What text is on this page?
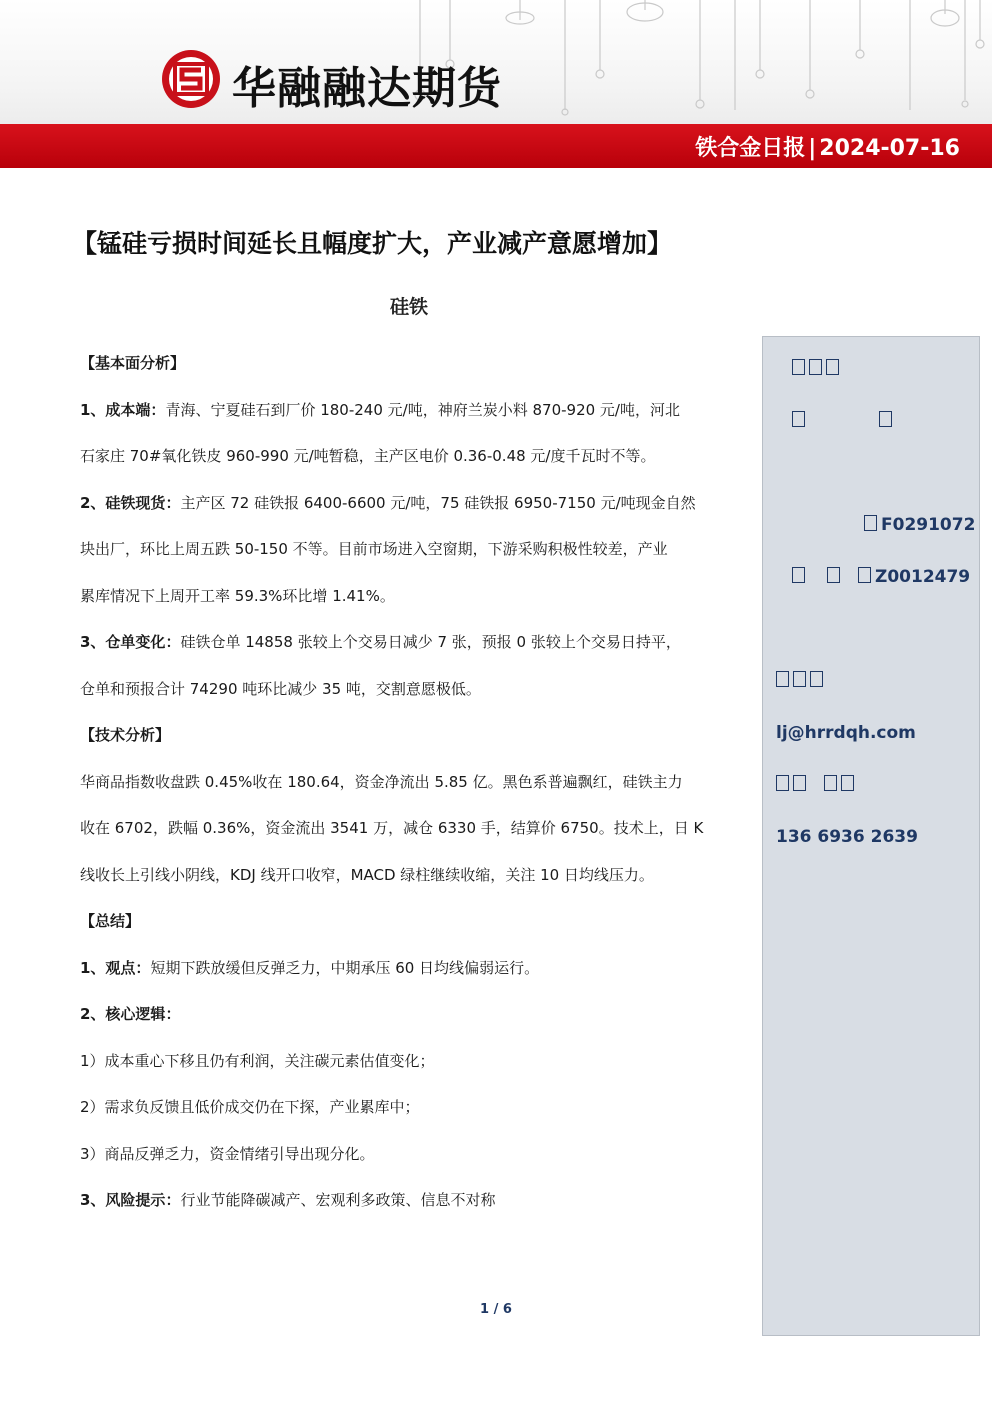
华融融达期货
铁合金日报 | 2024-07-16
【锰硅亏损时间延长且幅度扩大，产业减产意愿增加】
硅铁

【基本面分析】

1、成本端：青海、宁夏硅石到厂价 180-240 元/吨，神府兰炭小料 870-920 元/吨，河北

石家庄 70#氧化铁皮 960-990 元/吨暂稳，主产区电价 0.36-0.48 元/度千瓦时不等。

2、硅铁现货：主产区 72 硅铁报 6400-6600 元/吨，75 硅铁报 6950-7150 元/吨现金自然

块出厂，环比上周五跌 50-150 不等。目前市场进入空窗期，下游采购积极性较差，产业

累库情况下上周开工率 59.3%环比增 1.41%。

3、仓单变化：硅铁仓单 14858 张较上个交易日减少 7 张，预报 0 张较上个交易日持平，

仓单和预报合计 74290 吨环比减少 35 吨，交割意愿极低。

【技术分析】

华商品指数收盘跌 0.45%收在 180.64，资金净流出 5.85 亿。黑色系普遍飘红，硅铁主力

收在 6702，跌幅 0.36%，资金流出 3541 万，减仓 6330 手，结算价 6750。技术上，日 K

线收长上引线小阴线，KDJ 线开口收窄，MACD 绿柱继续收缩，关注 10 日均线压力。

【总结】

1、观点：短期下跌放缓但反弹乏力，中期承压 60 日均线偏弱运行。

2、核心逻辑：

1）成本重心下移且仍有利润，关注碳元素估值变化；

2）需求负反馈且低价成交仍在下探，产业累库中；

3）商品反弹乏力，资金情绪引导出现分化。

3、风险提示：行业节能降碳减产、宏观利多政策、信息不对称

F0291072
Z0012479
lj@hrrdqh.com
136 6936 2639
1 / 6
